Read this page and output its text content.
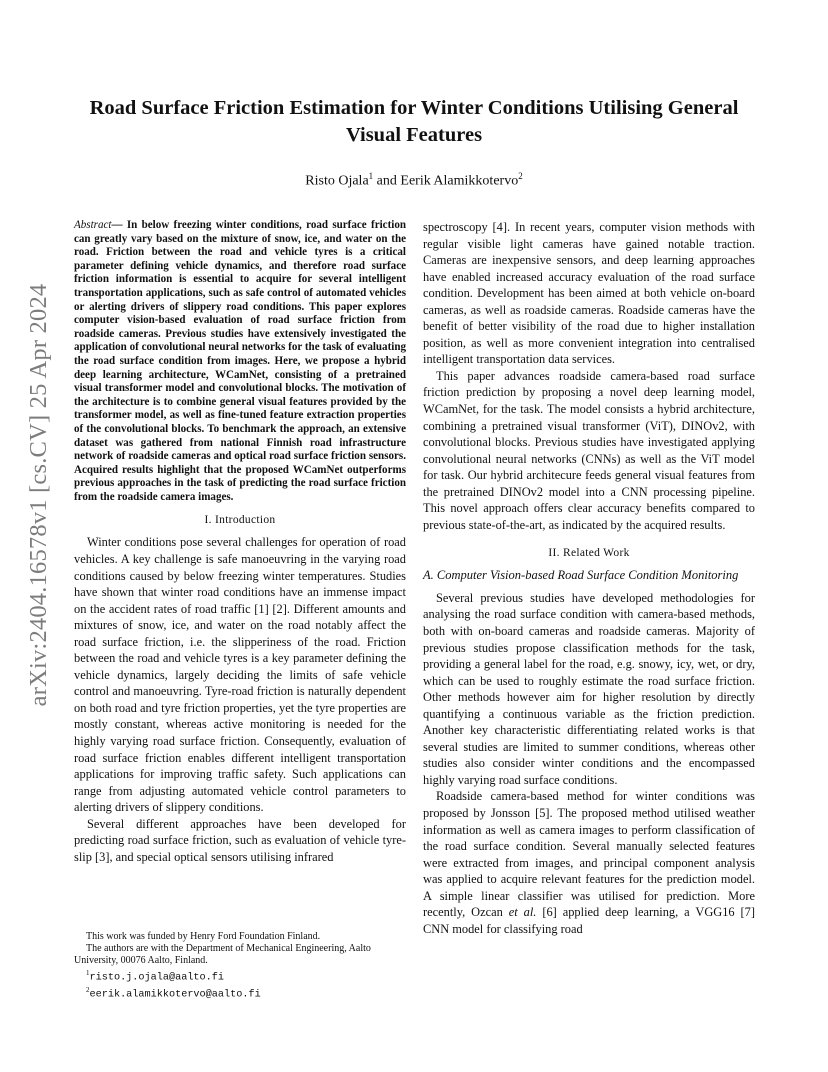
arXiv:2404.16578v1 [cs.CV] 25 Apr 2024
Road Surface Friction Estimation for Winter Conditions Utilising General Visual Features
Risto Ojala$^1$ and Eerik Alamikkotervo$^2$

Abstract— In below freezing winter conditions, road surface friction can greatly vary based on the mixture of snow, ice, and water on the road. Friction between the road and vehicle tyres is a critical parameter defining vehicle dynamics, and therefore road surface friction information is essential to acquire for several intelligent transportation applications, such as safe control of automated vehicles or alerting drivers of slippery road conditions. This paper explores computer vision-based evaluation of road surface friction from roadside cameras. Previous studies have extensively investigated the application of convolutional neural networks for the task of evaluating the road surface condition from images. Here, we propose a hybrid deep learning architecture, WCamNet, consisting of a pretrained visual transformer model and convolutional blocks. The motivation of the architecture is to combine general visual features provided by the transformer model, as well as fine-tuned feature extraction properties of the convolutional blocks. To benchmark the approach, an extensive dataset was gathered from national Finnish road infrastructure network of roadside cameras and optical road surface friction sensors. Acquired results highlight that the proposed WCamNet outperforms previous approaches in the task of predicting the road surface friction from the roadside camera images.

I. Introduction

Winter conditions pose several challenges for operation of road vehicles. A key challenge is safe manoeuvring in the varying road conditions caused by below freezing winter temperatures. Studies have shown that winter road conditions have an immense impact on the accident rates of road traffic [1] [2]. Different amounts and mixtures of snow, ice, and water on the road notably affect the road surface friction, i.e. the slipperiness of the road. Friction between the road and vehicle tyres is a key parameter defining the vehicle dynamics, largely deciding the limits of safe vehicle control and manoeuvring. Tyre-road friction is naturally dependent on both road and tyre friction properties, yet the tyre properties are mostly constant, whereas active monitoring is needed for the highly varying road surface friction. Consequently, evaluation of road surface friction enables different intelligent transportation applications for improving traffic safety. Such applications can range from adjusting automated vehicle control parameters to alerting drivers of slippery conditions.

Several different approaches have been developed for predicting road surface friction, such as evaluation of vehicle tyre-slip [3], and special optical sensors utilising infrared

spectroscopy [4]. In recent years, computer vision methods with regular visible light cameras have gained notable traction. Cameras are inexpensive sensors, and deep learning approaches have enabled increased accuracy evaluation of the road surface condition. Development has been aimed at both vehicle on-board cameras, as well as roadside cameras. Roadside cameras have the benefit of better visibility of the road due to higher installation position, as well as more convenient integration into centralised intelligent transportation data services.

This paper advances roadside camera-based road surface friction prediction by proposing a novel deep learning model, WCamNet, for the task. The model consists a hybrid architecture, combining a pretrained visual transformer (ViT), DINOv2, with convolutional blocks. Previous studies have investigated applying convolutional neural networks (CNNs) as well as the ViT model for task. Our hybrid architecure feeds general visual features from the pretrained DINOv2 model into a CNN processing pipeline. This novel approach offers clear accuracy benefits compared to previous state-of-the-art, as indicated by the acquired results.

II. Related Work
A. Computer Vision-based Road Surface Condition Monitoring

Several previous studies have developed methodologies for analysing the road surface condition with camera-based methods, both with on-board cameras and roadside cameras. Majority of previous studies propose classification methods for the task, providing a general label for the road, e.g. snowy, icy, wet, or dry, which can be used to roughly estimate the road surface friction. Other methods however aim for higher resolution by directly quantifying a continuous variable as the friction prediction. Another key characteristic differentiating related works is that several studies are limited to summer conditions, whereas other studies also consider winter conditions and the encompassed highly varying road surface conditions.

Roadside camera-based method for winter conditions was proposed by Jonsson [5]. The proposed method utilised weather information as well as camera images to perform classification of the road surface condition. Several manually selected features were extracted from images, and principal component analysis was applied to acquire relevant features for the prediction model. A simple linear classifier was utilised for prediction. More recently, Ozcan et al. [6] applied deep learning, a VGG16 [7] CNN model for classifying road

This work was funded by Henry Ford Foundation Finland.
The authors are with the Department of Mechanical Engineering, Aalto University, 00076 Aalto, Finland.
$^1$risto.j.ojala@aalto.fi
$^2$eerik.alamikkotervo@aalto.fi
